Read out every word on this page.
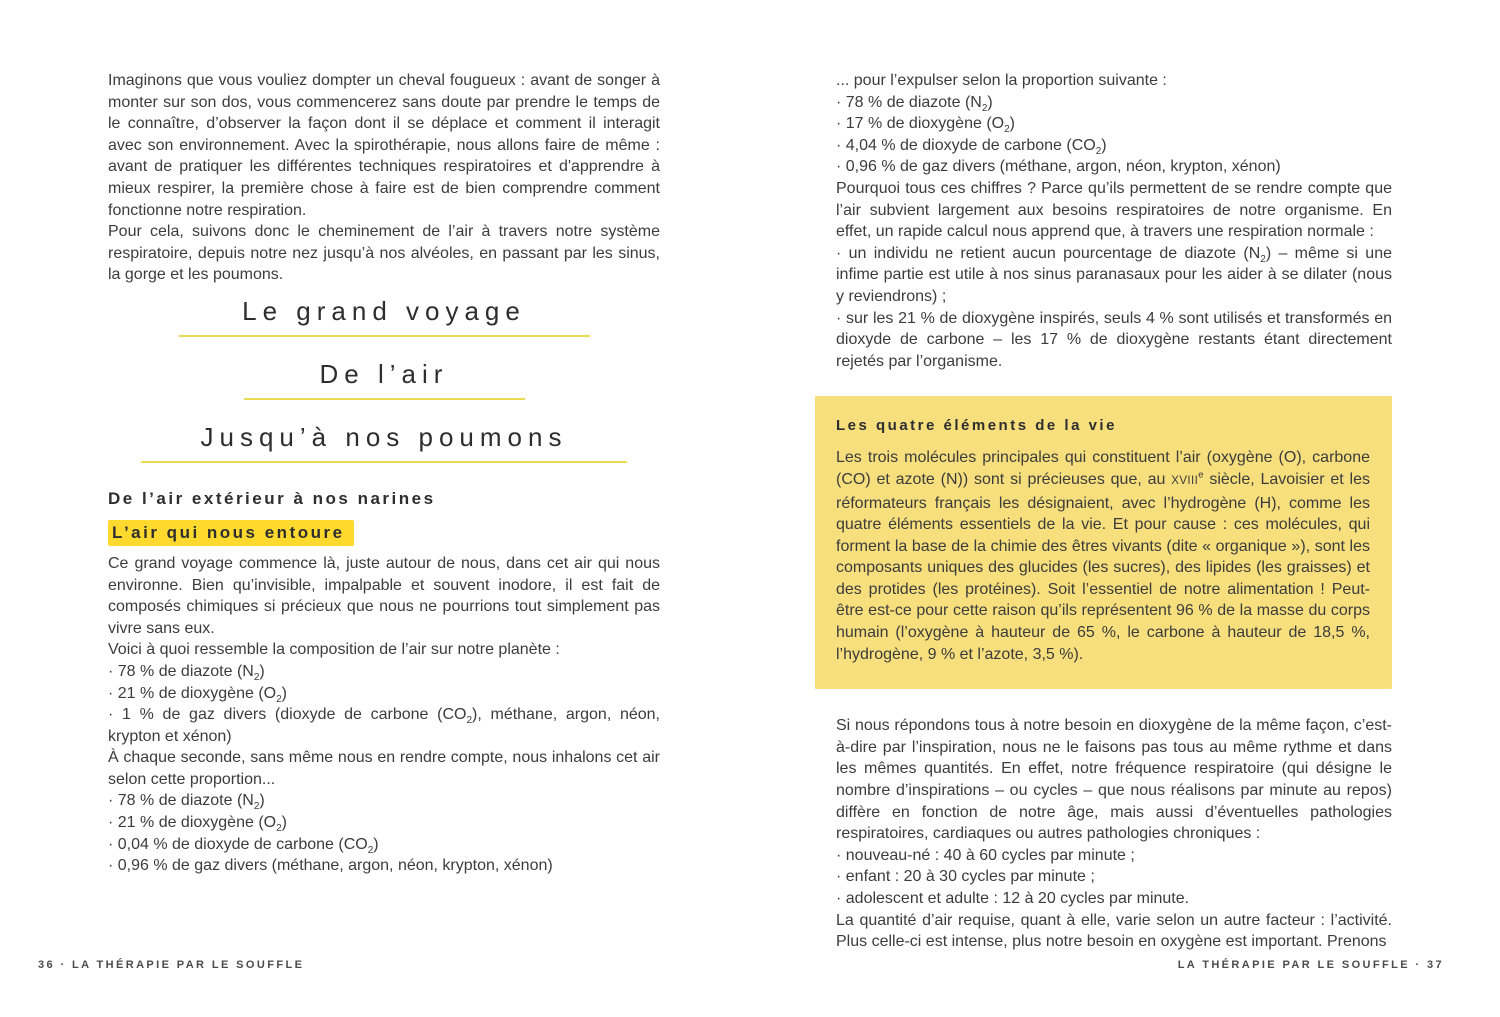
Imaginons que vous vouliez dompter un cheval fougueux : avant de songer à monter sur son dos, vous commencerez sans doute par prendre le temps de le connaître, d’observer la façon dont il se déplace et comment il interagit avec son environnement. Avec la spirothérapie, nous allons faire de même : avant de pratiquer les différentes techniques respiratoires et d'apprendre à mieux respirer, la première chose à faire est de bien comprendre comment fonctionne notre respiration.

Pour cela, suivons donc le cheminement de l’air à travers notre système respiratoire, depuis notre nez jusqu’à nos alvéoles, en passant par les sinus, la gorge et les poumons.

Le grand voyage
De l’air
Jusqu’à nos poumons
De l’air extérieur à nos narines
L’air qui nous entoure

Ce grand voyage commence là, juste autour de nous, dans cet air qui nous environne. Bien qu’invisible, impalpable et souvent inodore, il est fait de composés chimiques si précieux que nous ne pourrions tout simplement pas vivre sans eux.

Voici à quoi ressemble la composition de l’air sur notre planète :

· 78 % de diazote $(N_2)$

· 21 % de dioxygène $(O_2)$

· 1 % de gaz divers (dioxyde de carbone $(CO_2)$, méthane, argon, néon, krypton et xénon)

À chaque seconde, sans même nous en rendre compte, nous inhalons cet air selon cette proportion...

· 78 % de diazote $(N_2)$

· 21 % de dioxygène $(O_2)$

· 0,04 % de dioxyde de carbone $(CO_2)$

· 0,96 % de gaz divers (méthane, argon, néon, krypton, xénon)

... pour l’expulser selon la proportion suivante :

· 78 % de diazote $(N_2)$

· 17 % de dioxygène $(O_2)$

· 4,04 % de dioxyde de carbone $(CO_2)$

· 0,96 % de gaz divers (méthane, argon, néon, krypton, xénon)

Pourquoi tous ces chiffres ? Parce qu’ils permettent de se rendre compte que l’air subvient largement aux besoins respiratoires de notre organisme. En effet, un rapide calcul nous apprend que, à travers une respiration normale :

· un individu ne retient aucun pourcentage de diazote $(N_2)$ – même si une infime partie est utile à nos sinus paranasaux pour les aider à se dilater (nous y reviendrons) ;

· sur les 21 % de dioxygène inspirés, seuls 4 % sont utilisés et transformés en dioxyde de carbone – les 17 % de dioxygène restants étant directement rejetés par l’organisme.

Les quatre éléments de la vie

Les trois molécules principales qui constituent l’air (oxygène (O), carbone (CO) et azote (N)) sont si précieuses que, au XVIIIe siècle, Lavoisier et les réformateurs français les désignaient, avec l’hydrogène (H), comme les quatre éléments essentiels de la vie. Et pour cause : ces molécules, qui forment la base de la chimie des êtres vivants (dite « organique »), sont les composants uniques des glucides (les sucres), des lipides (les graisses) et des protides (les protéines). Soit l’essentiel de notre alimentation ! Peut-être est-ce pour cette raison qu’ils représentent 96 % de la masse du corps humain (l’oxygène à hauteur de 65 %, le carbone à hauteur de 18,5 %, l’hydrogène, 9 % et l’azote, 3,5 %).

Si nous répondons tous à notre besoin en dioxygène de la même façon, c’est-à-dire par l’inspiration, nous ne le faisons pas tous au même rythme et dans les mêmes quantités. En effet, notre fréquence respiratoire (qui désigne le nombre d’inspirations – ou cycles – que nous réalisons par minute au repos) diffère en fonction de notre âge, mais aussi d’éventuelles pathologies respiratoires, cardiaques ou autres pathologies chroniques :

· nouveau-né : 40 à 60 cycles par minute ;

· enfant : 20 à 30 cycles par minute ;

· adolescent et adulte : 12 à 20 cycles par minute.

La quantité d’air requise, quant à elle, varie selon un autre facteur : l’activité. Plus celle-ci est intense, plus notre besoin en oxygène est important. Prenons

36 · LA THÉRAPIE PAR LE SOUFFLE	LA THÉRAPIE PAR LE SOUFFLE · 37
